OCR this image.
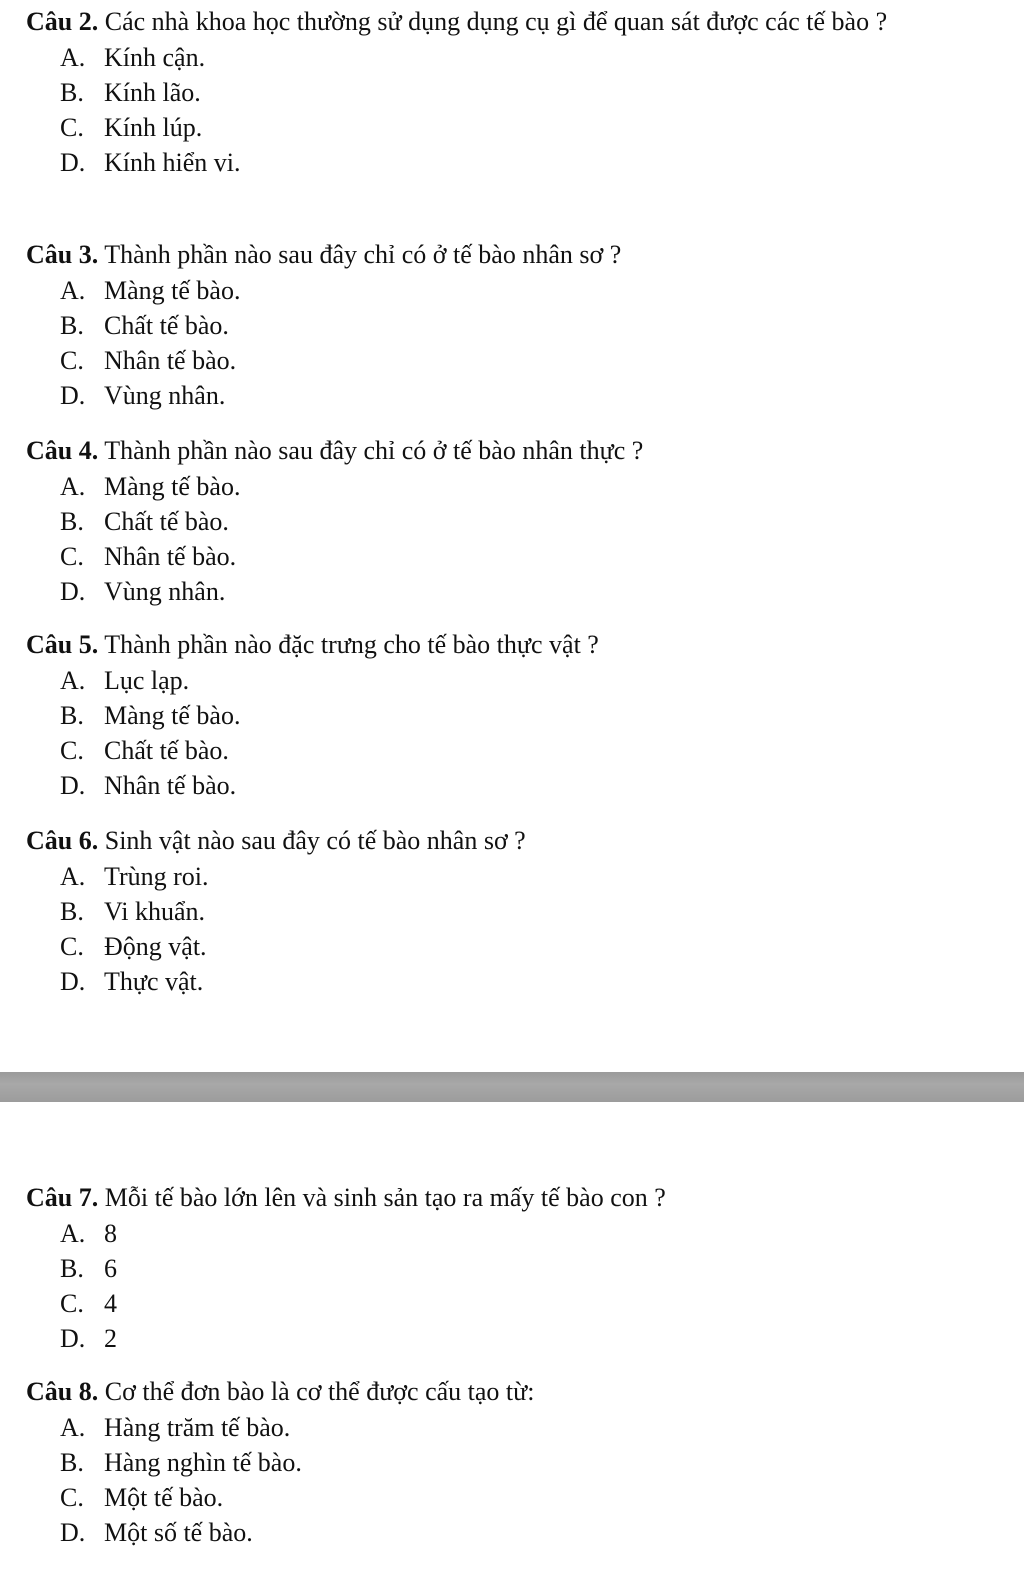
Câu 2. Các nhà khoa học thường sử dụng dụng cụ gì để quan sát được các tế bào ?
A. Kính cận.
B. Kính lão.
C. Kính lúp.
D. Kính hiển vi.
Câu 3. Thành phần nào sau đây chỉ có ở tế bào nhân sơ ?
A. Màng tế bào.
B. Chất tế bào.
C. Nhân tế bào.
D. Vùng nhân.
Câu 4. Thành phần nào sau đây chỉ có ở tế bào nhân thực ?
A. Màng tế bào.
B. Chất tế bào.
C. Nhân tế bào.
D. Vùng nhân.
Câu 5. Thành phần nào đặc trưng cho tế bào thực vật ?
A. Lục lạp.
B. Màng tế bào.
C. Chất tế bào.
D. Nhân tế bào.
Câu 6. Sinh vật nào sau đây có tế bào nhân sơ ?
A. Trùng roi.
B. Vi khuẩn.
C. Động vật.
D. Thực vật.
Câu 7. Mỗi tế bào lớn lên và sinh sản tạo ra mấy tế bào con ?
A. 8
B. 6
C. 4
D. 2
Câu 8. Cơ thể đơn bào là cơ thể được cấu tạo từ:
A. Hàng trăm tế bào.
B. Hàng nghìn tế bào.
C. Một tế bào.
D. Một số tế bào.
